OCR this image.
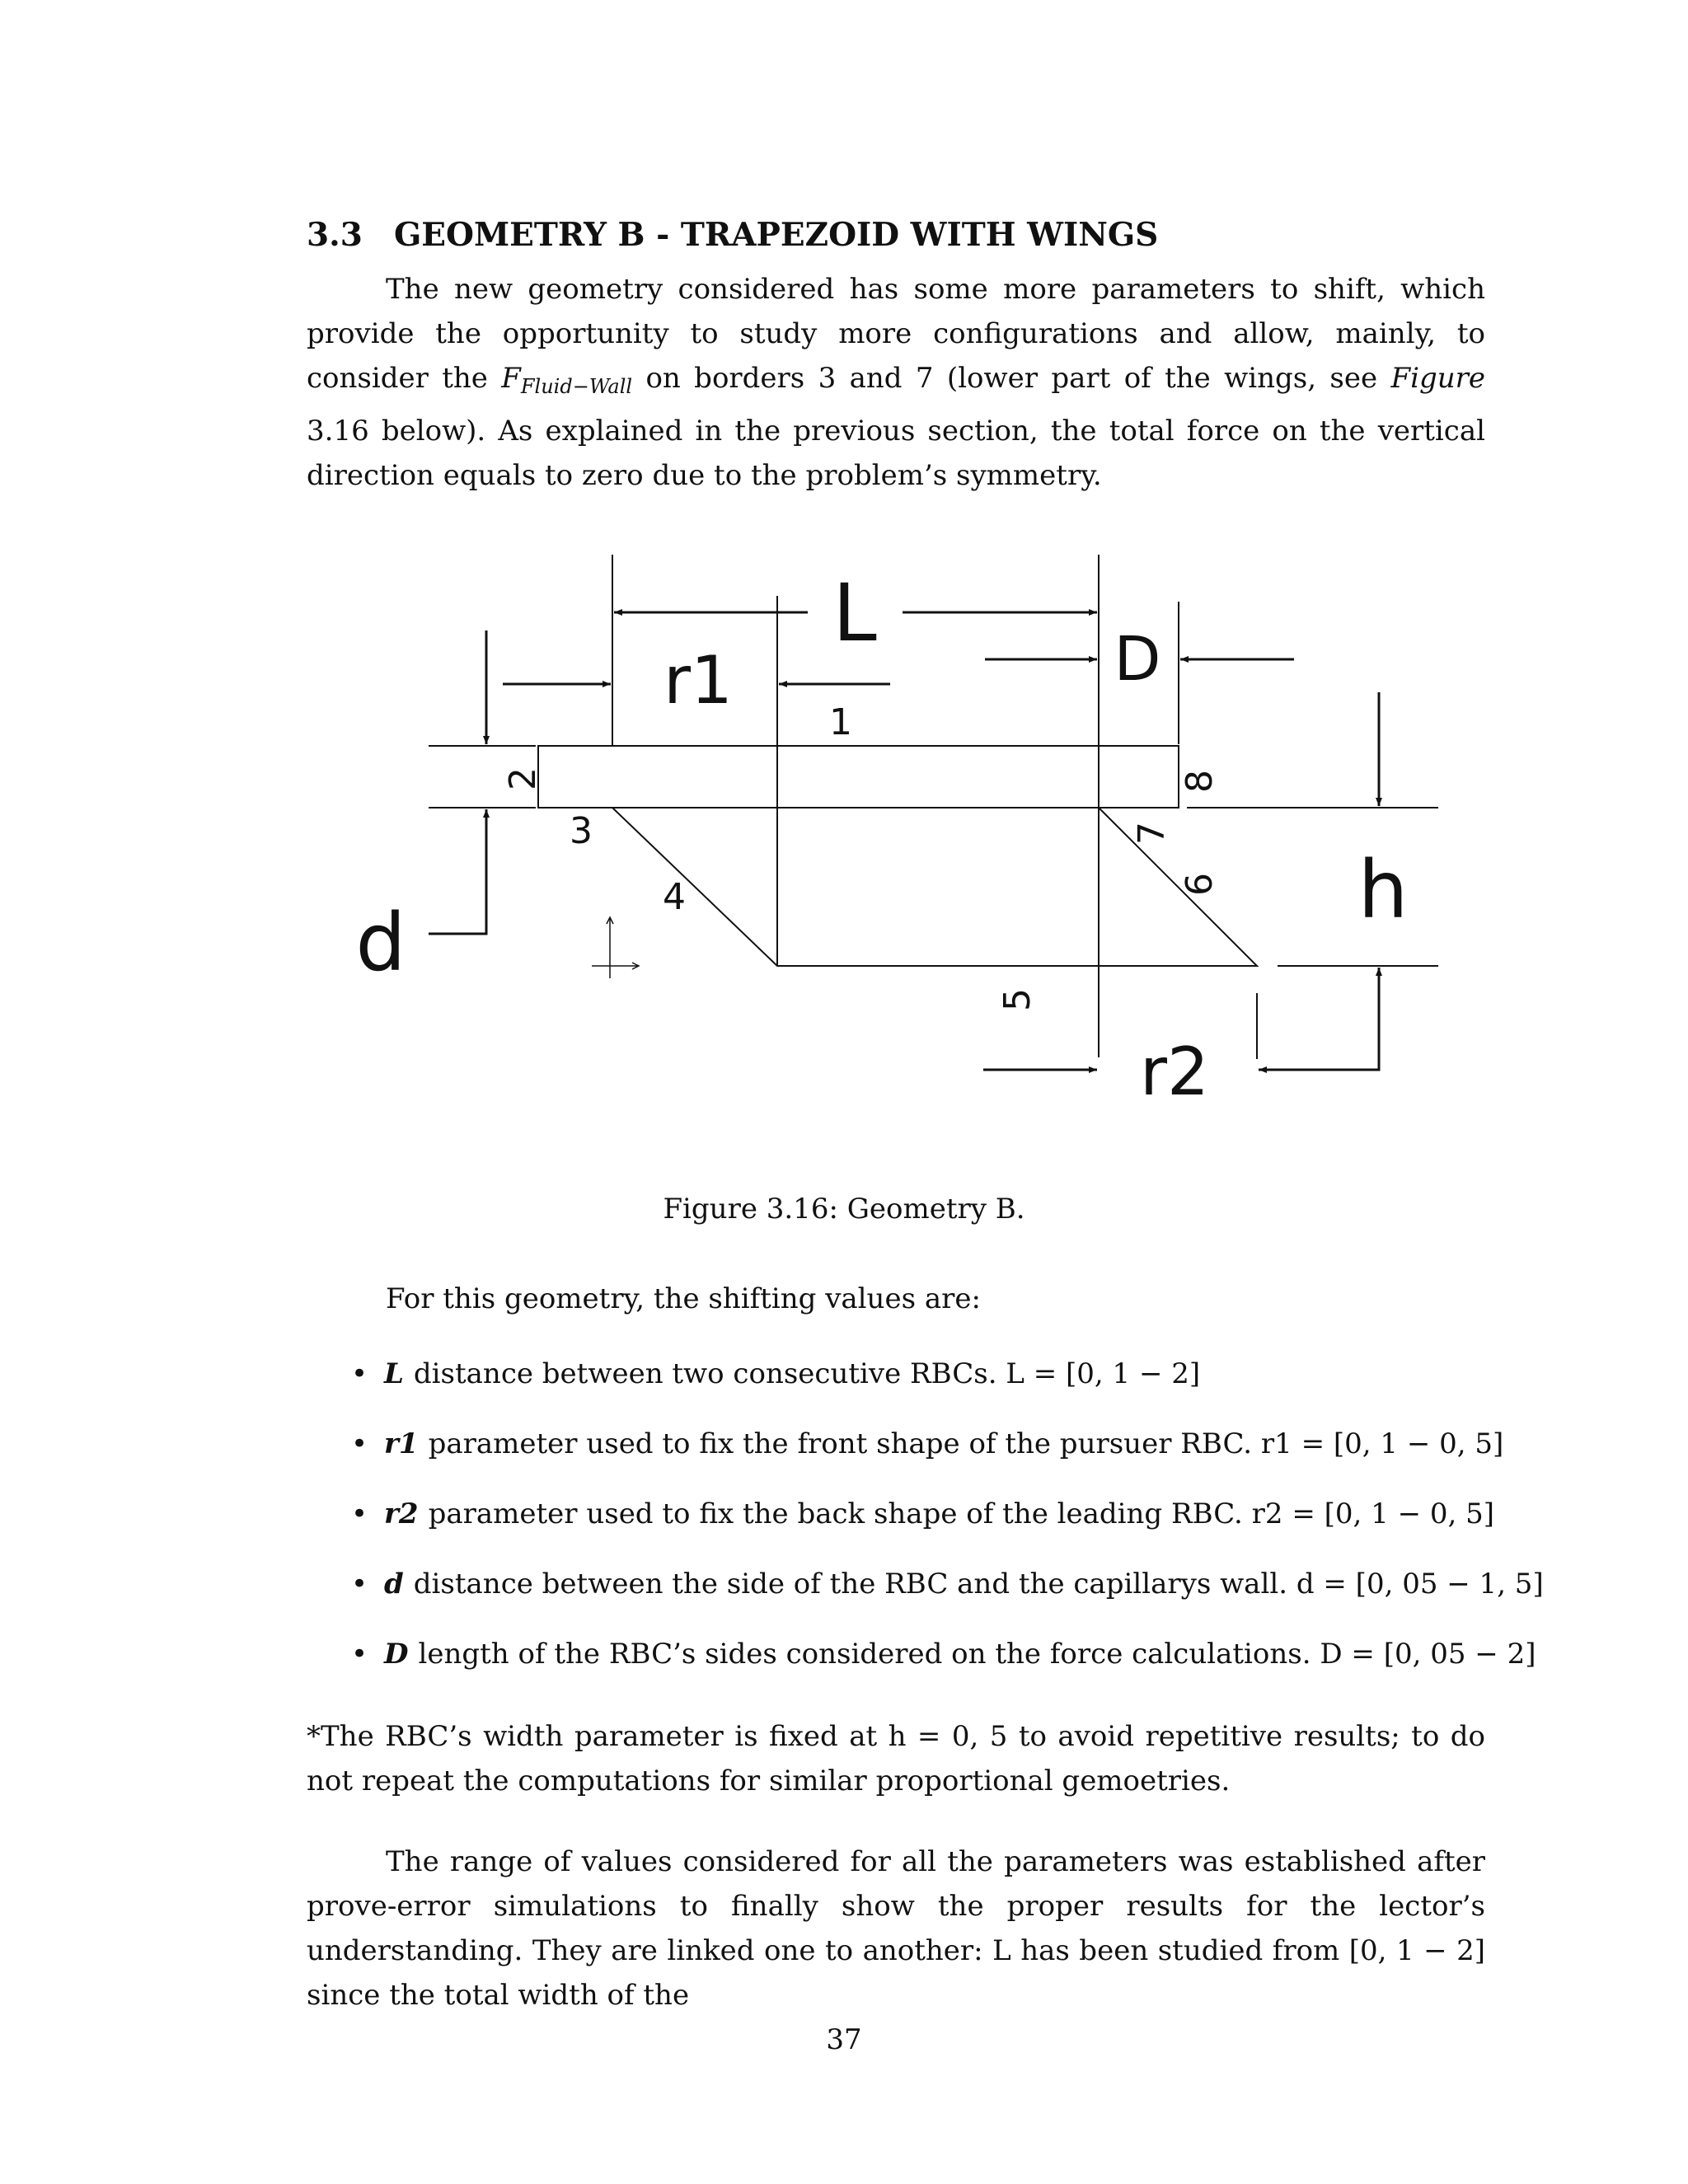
3.3 GEOMETRY B - TRAPEZOID WITH WINGS
The new geometry considered has some more parameters to shift, which provide the opportunity to study more configurations and allow, mainly, to consider the $F_{Fluid-Wall}$ on borders 3 and 7 (lower part of the wings, see Figure 3.16 below). As explained in the previous section, the total force on the vertical direction equals to zero due to the problem’s symmetry.
L	D
r1
r2
h
d
1
2
3
4
5
6
7
8
Figure 3.16: Geometry B.
For this geometry, the shifting values are:
• L distance between two consecutive RBCs. L = [0, 1 − 2]
• r1 parameter used to fix the front shape of the pursuer RBC. r1 = [0, 1 − 0, 5]
• r2 parameter used to fix the back shape of the leading RBC. r2 = [0, 1 − 0, 5]
• d distance between the side of the RBC and the capillarys wall. d = [0, 05 − 1, 5]
• D length of the RBC’s sides considered on the force calculations. D = [0, 05 − 2]
*The RBC’s width parameter is fixed at h = 0, 5 to avoid repetitive results; to do not repeat the computations for similar proportional gemoetries.
The range of values considered for all the parameters was established after prove-error simulations to finally show the proper results for the lector’s understanding. They are linked one to another: L has been studied from [0, 1 − 2] since the total width of the
37
